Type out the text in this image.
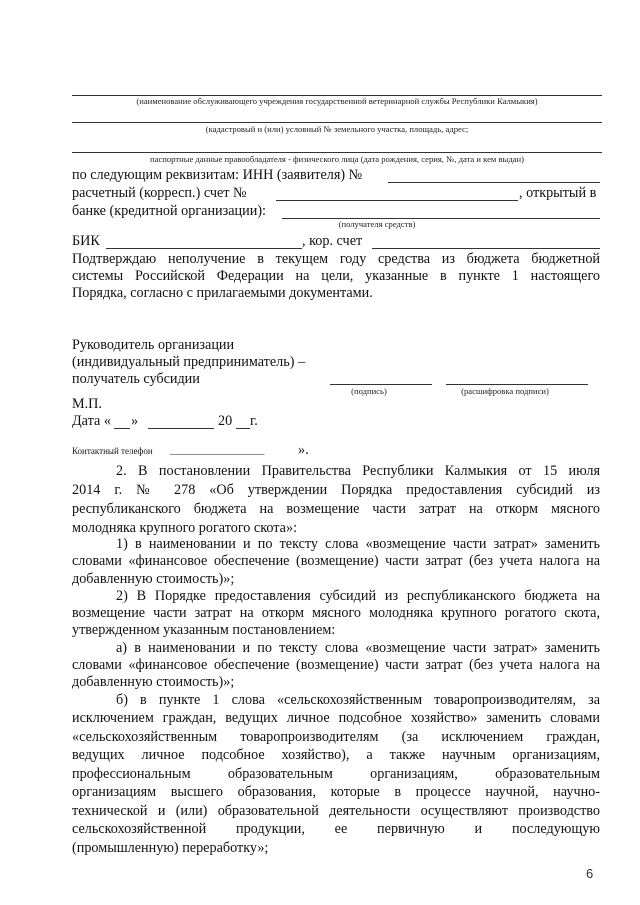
(наименование обслуживающего учреждения государственной ветеринарной службы Республики Калмыкия)
(кадастровый и (или) условный № земельного участка, площадь, адрес;
паспортные данные правообладателя - физического лица (дата рождения, серия, №, дата и кем выдан)
по следующим реквизитам: ИНН (заявителя) №
расчетный (корресп.) счет №	, открытый в
банке (кредитной организации):
(получателя средств)
БИК	, кор. счет
Подтверждаю неполучение в текущем году средства из бюджета бюджетной
системы Российской Федерации на цели, указанные в пункте 1 настоящего
Порядка, согласно с прилагаемыми документами.
Руководитель организации
(индивидуальный предприниматель) –
получатель субсидии
(подпись)	(расшифровка подписи)
М.П.
Дата « »	20 г.
Контактный телефон _____________________ ».
2. В постановлении Правительства Республики Калмыкия от 15 июля
2014 г. № 278 «Об утверждении Порядка предоставления субсидий из
республиканского бюджета на возмещение части затрат на откорм мясного
молодняка крупного рогатого скота»:
1) в наименовании и по тексту слова «возмещение части затрат» заменить
словами «финансовое обеспечение (возмещение) части затрат (без учета налога на
добавленную стоимость)»;
2) В Порядке предоставления субсидий из республиканского бюджета на
возмещение части затрат на откорм мясного молодняка крупного рогатого скота,
утвержденном указанным постановлением:
а) в наименовании и по тексту слова «возмещение части затрат» заменить
словами «финансовое обеспечение (возмещение) части затрат (без учета налога на
добавленную стоимость)»;
б) в пункте 1 слова «сельскохозяйственным товаропроизводителям, за
исключением граждан, ведущих личное подсобное хозяйство» заменить словами
«сельскохозяйственным товаропроизводителям (за исключением граждан,
ведущих личное подсобное хозяйство), а также научным организациям,
профессиональным образовательным организациям, образовательным
организациям высшего образования, которые в процессе научной, научно-
технической и (или) образовательной деятельности осуществляют производство
сельскохозяйственной продукции, ее первичную и последующую
(промышленную) переработку»;
6
